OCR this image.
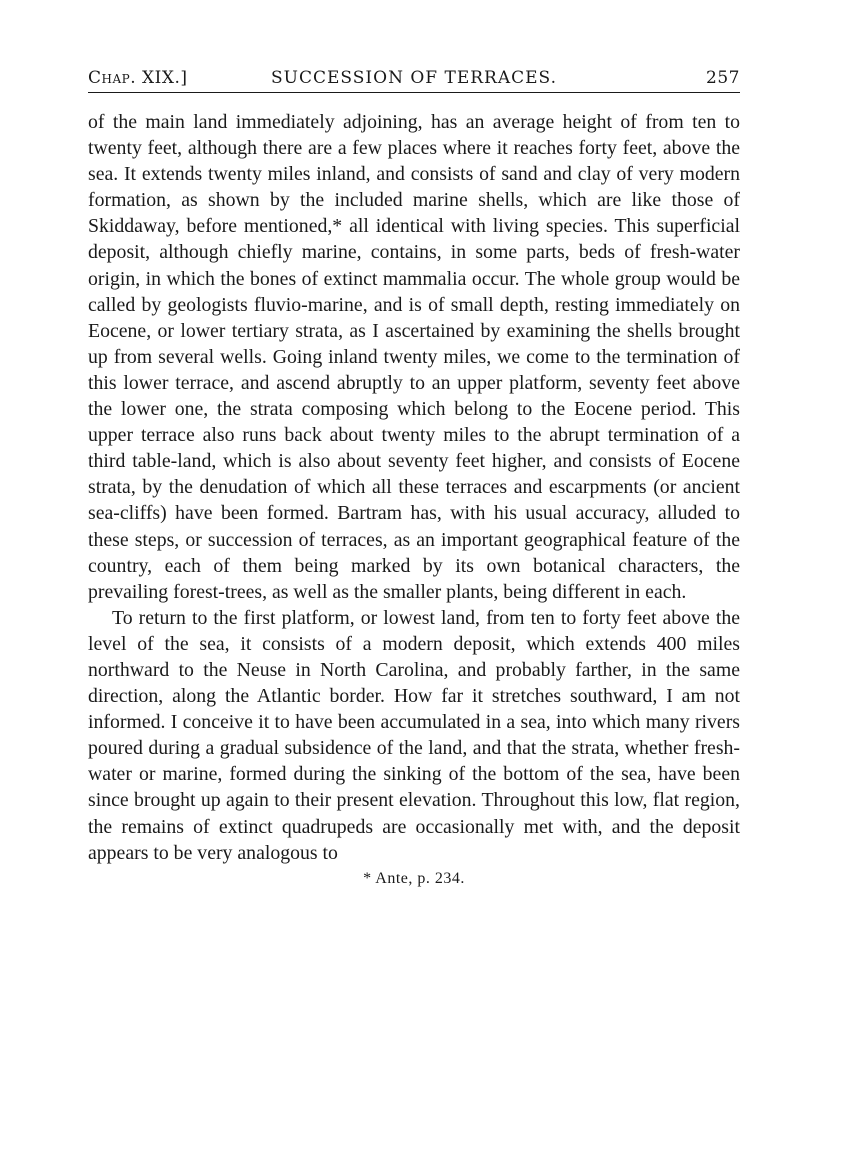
Chap. XIX.]	SUCCESSION OF TERRACES.	257

of the main land immediately adjoining, has an average height of from ten to twenty feet, although there are a few places where it reaches forty feet, above the sea. It extends twenty miles inland, and consists of sand and clay of very modern formation, as shown by the included marine shells, which are like those of Skiddaway, before mentioned,* all identical with living species. This superficial deposit, although chiefly marine, contains, in some parts, beds of fresh-water origin, in which the bones of extinct mammalia occur. The whole group would be called by geologists fluvio-marine, and is of small depth, resting immediately on Eocene, or lower tertiary strata, as I ascertained by examining the shells brought up from several wells. Going inland twenty miles, we come to the termination of this lower terrace, and ascend abruptly to an upper platform, seventy feet above the lower one, the strata composing which belong to the Eocene period. This upper terrace also runs back about twenty miles to the abrupt termination of a third table-land, which is also about seventy feet higher, and consists of Eocene strata, by the denudation of which all these terraces and escarpments (or ancient sea-cliffs) have been formed. Bartram has, with his usual accuracy, alluded to these steps, or succession of terraces, as an important geographical feature of the country, each of them being marked by its own botanical characters, the prevailing forest-trees, as well as the smaller plants, being different in each.

To return to the first platform, or lowest land, from ten to forty feet above the level of the sea, it consists of a modern deposit, which extends 400 miles northward to the Neuse in North Carolina, and probably farther, in the same direction, along the Atlantic border. How far it stretches southward, I am not informed. I conceive it to have been accumulated in a sea, into which many rivers poured during a gradual subsidence of the land, and that the strata, whether fresh-water or marine, formed during the sinking of the bottom of the sea, have been since brought up again to their present elevation. Throughout this low, flat region, the remains of extinct quadrupeds are occasionally met with, and the deposit appears to be very analogous to

* Ante, p. 234.
